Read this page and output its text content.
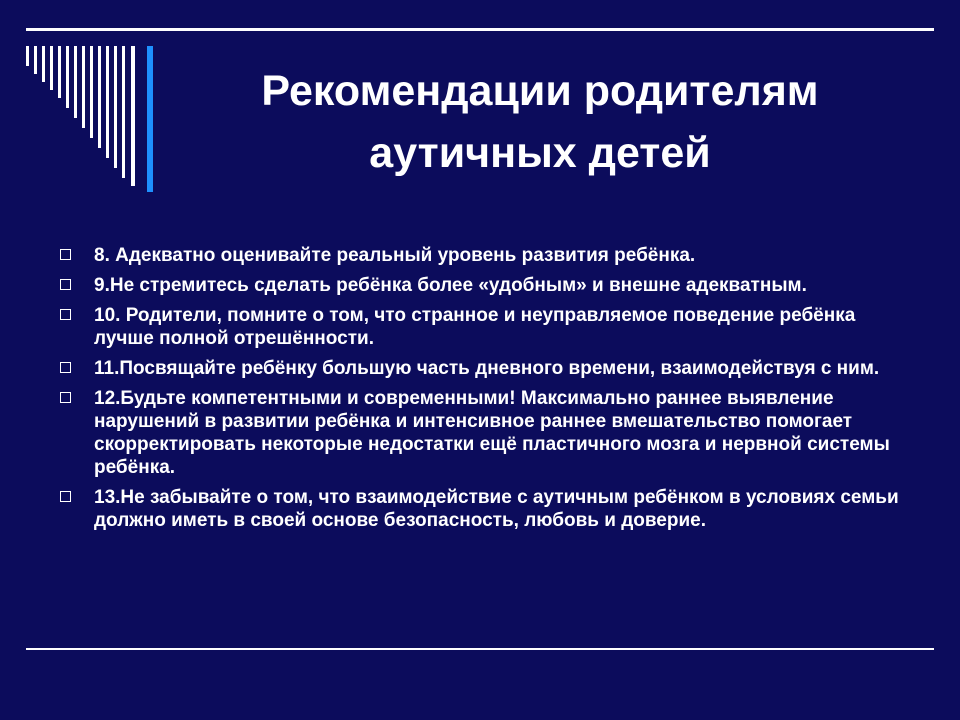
Рекомендации родителям
аутичных детей
8. Адекватно оценивайте реальный уровень развития ребёнка.
9.Не стремитесь сделать ребёнка более «удобным» и внешне адекватным.
10. Родители, помните о том, что странное и неуправляемое поведение ребёнка лучше полной отрешённости.
11.Посвящайте ребёнку большую часть дневного времени, взаимодействуя с ним.
12.Будьте компетентными и современными! Максимально раннее выявление нарушений в развитии ребёнка и интенсивное раннее вмешательство помогает скорректировать некоторые недостатки ещё пластичного мозга и нервной системы ребёнка.
13.Не забывайте о том, что взаимодействие с аутичным ребёнком в условиях семьи должно иметь в своей основе безопасность, любовь и доверие.
